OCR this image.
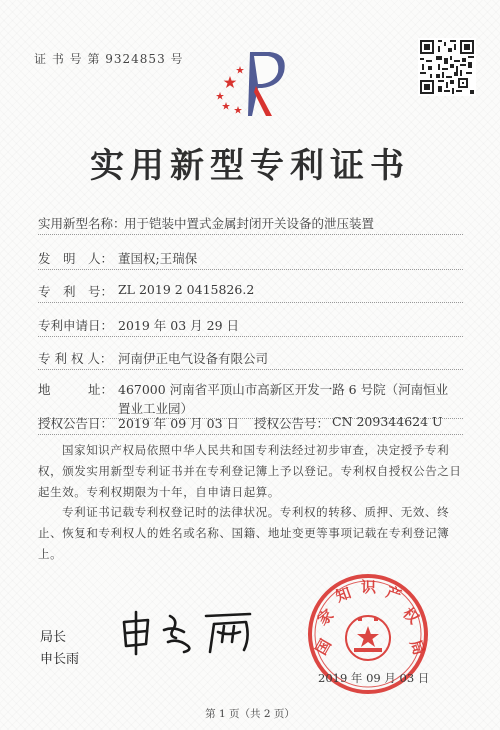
证 书 号 第 9324853 号
实用新型专利证书
实用新型名称：
用于铠装中置式金属封闭开关设备的泄压装置
发　明　人： 董国权;王瑞保
专　利　号： ZL 2019 2 0415826.2
专利申请日： 2019 年 03 月 29 日
专 利 权 人： 河南伊正电气设备有限公司
地　　　址： 467000 河南省平顶山市高新区开发一路 6 号院（河南恒业
置业工业园）
授权公告日： 2019 年 09 月 03 日 授权公告号： CN 209344624 U
国家知识产权局依照中华人民共和国专利法经过初步审查，决定授予专利权，颁发实用新型专利证书并在专利登记簿上予以登记。专利权自授权公告之日起生效。专利权期限为十年，自申请日起算。
专利证书记载专利权登记时的法律状况。专利权的转移、质押、无效、终止、恢复和专利权人的姓名或名称、国籍、地址变更等事项记载在专利登记簿上。
局长
申长雨
国
家
知 识 产
权
局
2019 年 09 月 03 日
第 1 页（共 2 页）
